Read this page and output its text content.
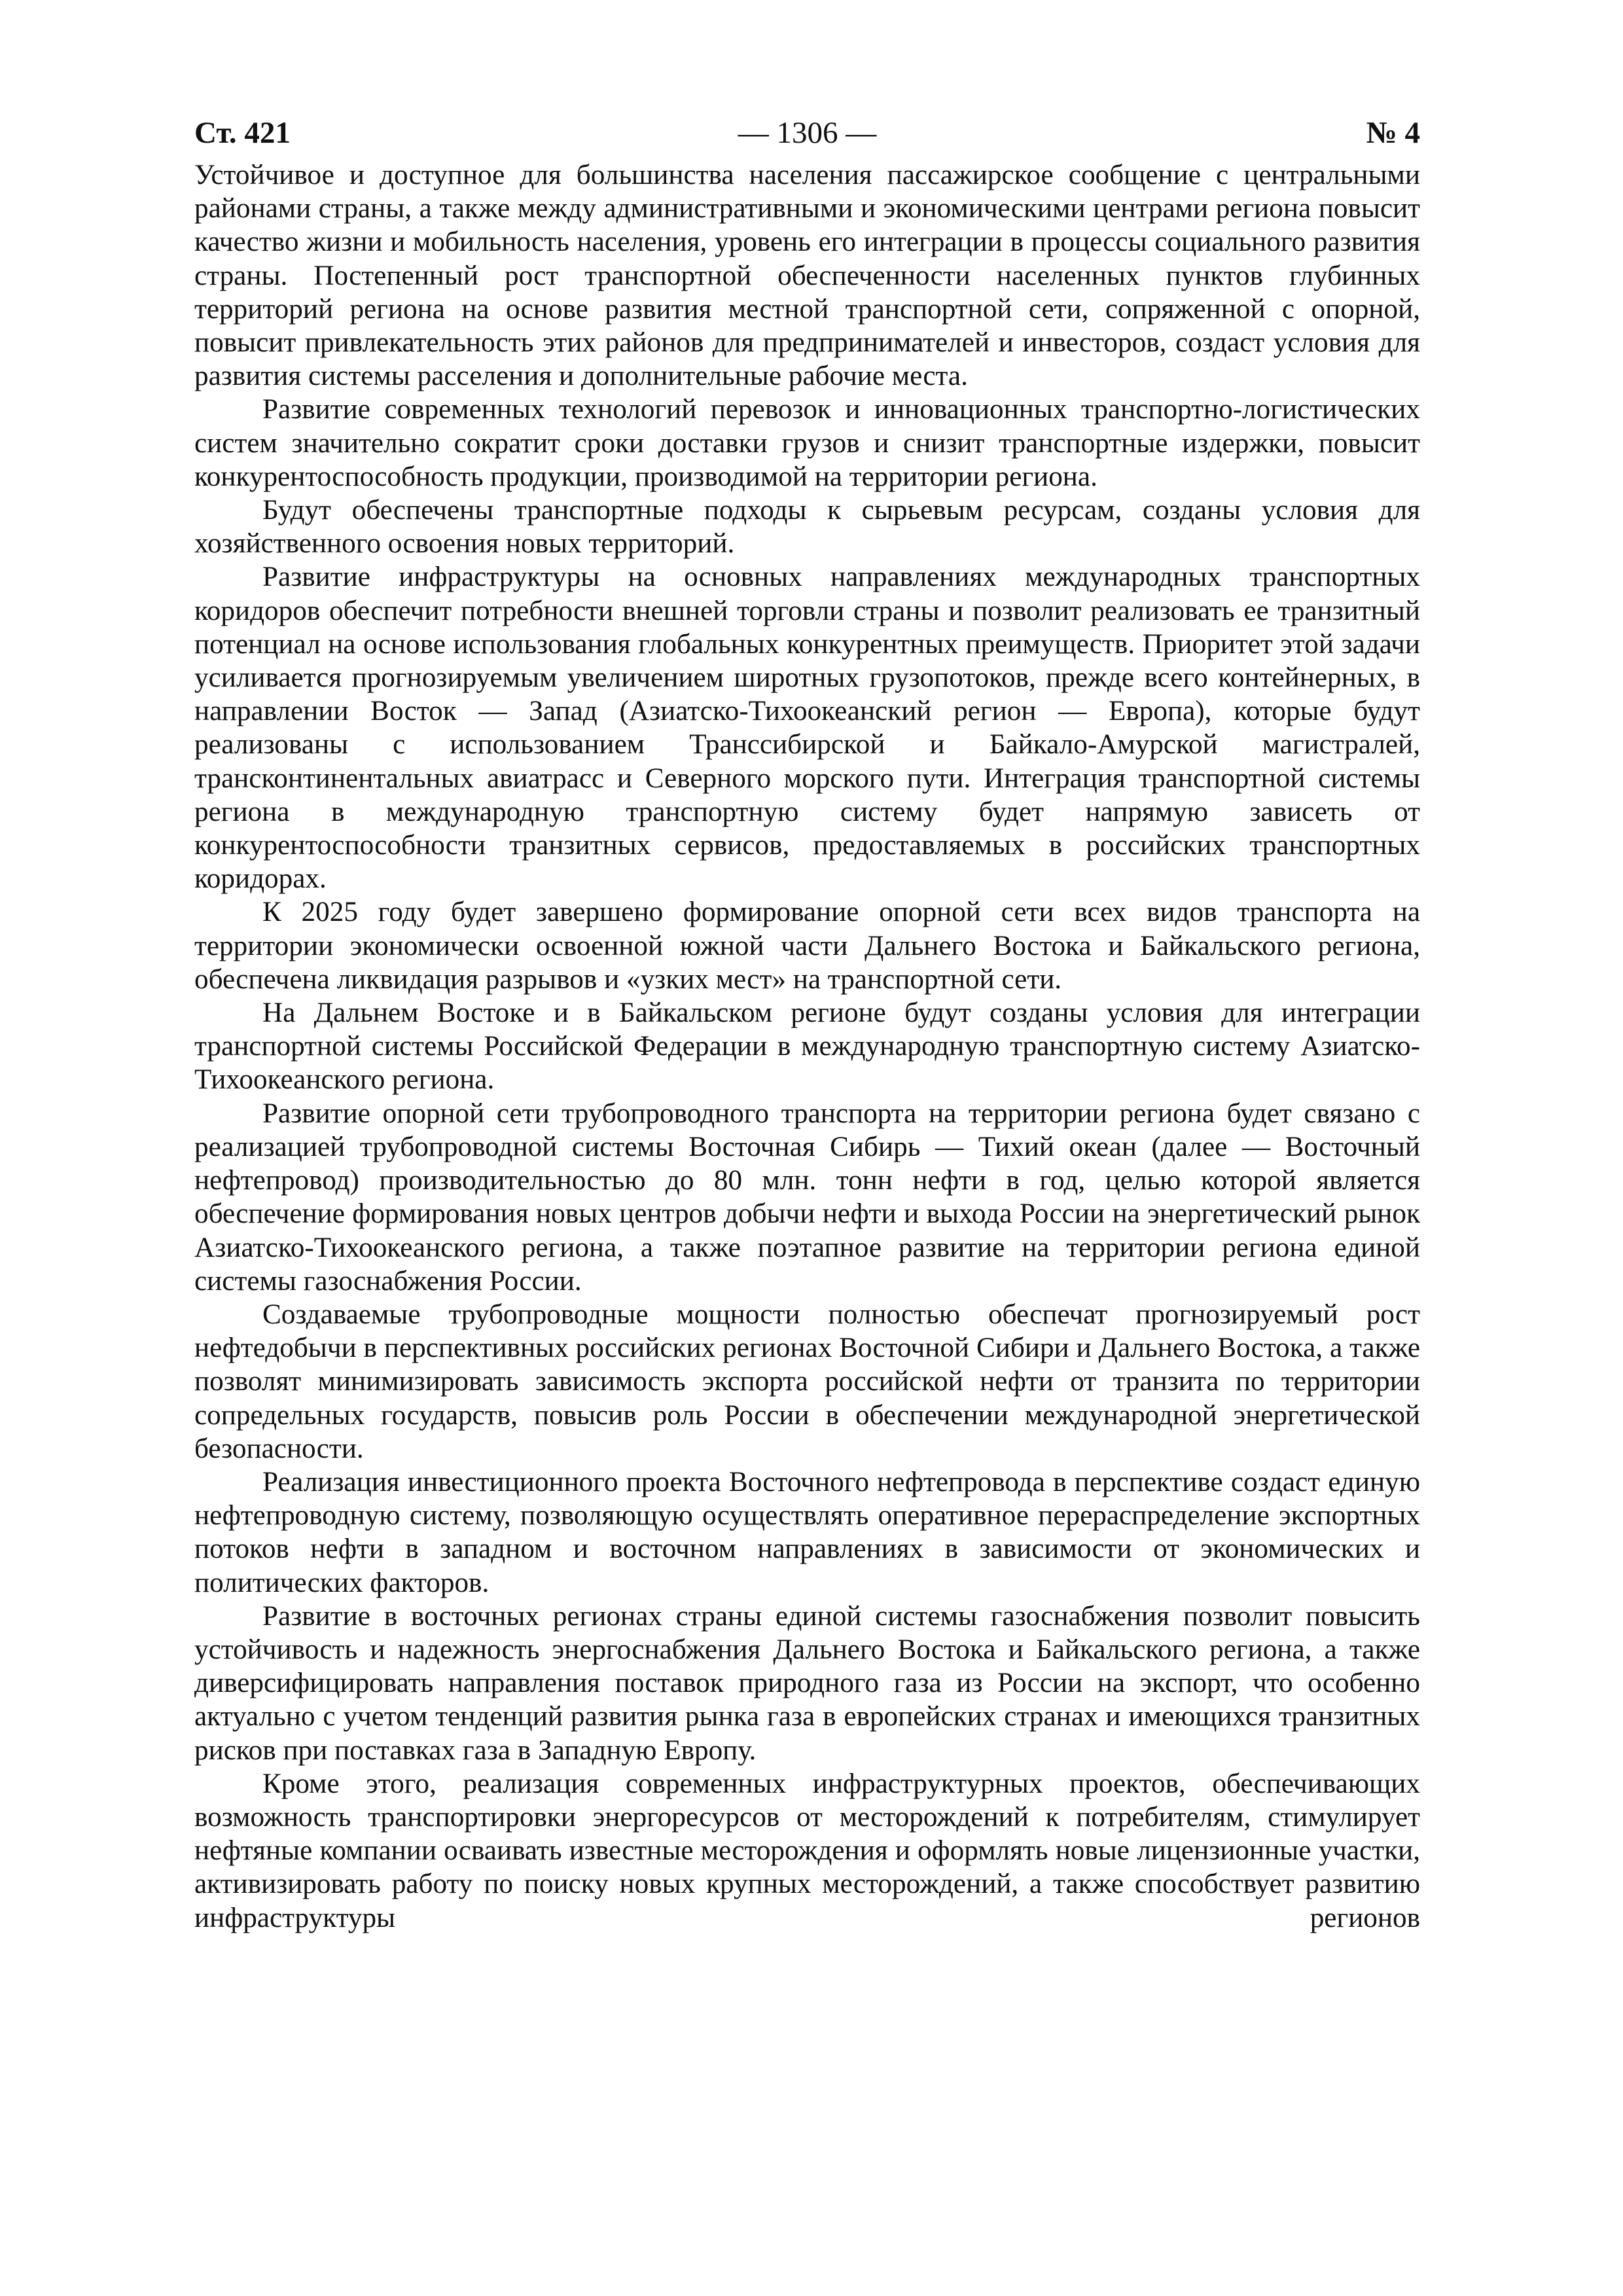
Ст. 421	— 1306 —	№ 4

Устойчивое и доступное для большинства населения пассажирское сообщение с центральными районами страны, а также между административными и экономическими центрами региона повысит качество жизни и мобильность населения, уровень его интеграции в процессы социального развития страны. Постепенный рост транспортной обеспеченности населенных пунктов глубинных территорий региона на основе развития местной транспортной сети, сопряженной с опорной, повысит привлекательность этих районов для предпринимателей и инвесторов, создаст условия для развития системы расселения и дополнительные рабочие места.

Развитие современных технологий перевозок и инновационных транспортно-логистических систем значительно сократит сроки доставки грузов и снизит транспортные издержки, повысит конкурентоспособность продукции, производимой на территории региона.

Будут обеспечены транспортные подходы к сырьевым ресурсам, созданы условия для хозяйственного освоения новых территорий.

Развитие инфраструктуры на основных направлениях международных транспортных коридоров обеспечит потребности внешней торговли страны и позволит реализовать ее транзитный потенциал на основе использования глобальных конкурентных преимуществ. Приоритет этой задачи усиливается прогнозируемым увеличением широтных грузопотоков, прежде всего контейнерных, в направлении Восток — Запад (Азиатско-Тихоокеанский регион — Европа), которые будут реализованы с использованием Транссибирской и Байкало-Амурской магистралей, трансконтинентальных авиатрасс и Северного морского пути. Интеграция транспортной системы региона в международную транспортную систему будет напрямую зависеть от конкурентоспособности транзитных сервисов, предоставляемых в российских транспортных коридорах.

К 2025 году будет завершено формирование опорной сети всех видов транспорта на территории экономически освоенной южной части Дальнего Востока и Байкальского региона, обеспечена ликвидация разрывов и «узких мест» на транспортной сети.

На Дальнем Востоке и в Байкальском регионе будут созданы условия для интеграции транспортной системы Российской Федерации в международную транспортную систему Азиатско-Тихоокеанского региона.

Развитие опорной сети трубопроводного транспорта на территории региона будет связано с реализацией трубопроводной системы Восточная Сибирь — Тихий океан (далее — Восточный нефтепровод) производительностью до 80 млн. тонн нефти в год, целью которой является обеспечение формирования новых центров добычи нефти и выхода России на энергетический рынок Азиатско-Тихоокеанского региона, а также поэтапное развитие на территории региона единой системы газоснабжения России.

Создаваемые трубопроводные мощности полностью обеспечат прогнозируемый рост нефтедобычи в перспективных российских регионах Восточной Сибири и Дальнего Востока, а также позволят минимизировать зависимость экспорта российской нефти от транзита по территории сопредельных государств, повысив роль России в обеспечении международной энергетической безопасности.

Реализация инвестиционного проекта Восточного нефтепровода в перспективе создаст единую нефтепроводную систему, позволяющую осуществлять оперативное перераспределение экспортных потоков нефти в западном и восточном направлениях в зависимости от экономических и политических факторов.

Развитие в восточных регионах страны единой системы газоснабжения позволит повысить устойчивость и надежность энергоснабжения Дальнего Востока и Байкальского региона, а также диверсифицировать направления поставок природного газа из России на экспорт, что особенно актуально с учетом тенденций развития рынка газа в европейских странах и имеющихся транзитных рисков при поставках газа в Западную Европу.

Кроме этого, реализация современных инфраструктурных проектов, обеспечивающих возможность транспортировки энергоресурсов от месторождений к потребителям, стимулирует нефтяные компании осваивать известные месторождения и оформлять новые лицензионные участки, активизировать работу по поиску новых крупных месторождений, а также способствует развитию инфраструктуры регионов
